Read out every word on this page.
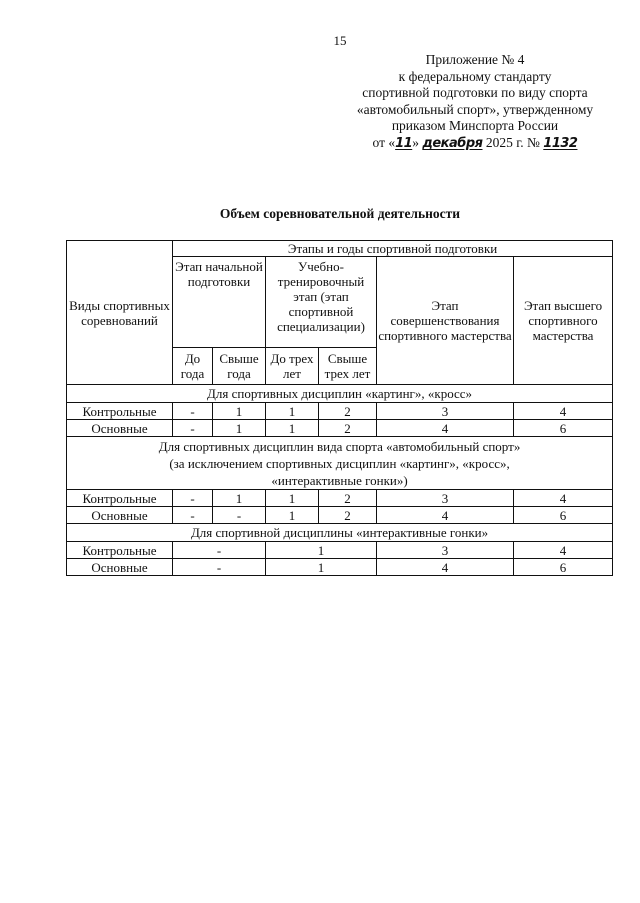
15
Приложение № 4
к федеральному стандарту
спортивной подготовки по виду спорта
«автомобильный спорт», утвержденному
приказом Минспорта России
от «11» декабря 2025 г. № 1132
Объем соревновательной деятельности
Виды спортивных соревнований	Этапы и годы спортивной подготовки					
	Этап начальной подготовки		Учебно-тренировочный этап (этап спортивной специализации)		Этап совершенствования спортивного мастерства	Этап высшего спортивного мастерства
	До года	Свыше года	До трех лет	Свыше трех лет		
Для спортивных дисциплин «картинг», «кросс»						
Контрольные	-	1	1	2	3	4
Основные	-	1	1	2	4	6
Для спортивных дисциплин вида спорта «автомобильный спорт»
(за исключением спортивных дисциплин «картинг», «кросс»,
«интерактивные гонки»)						
Контрольные	-	1	1	2	3	4
Основные	-	-	1	2	4	6
Для спортивной дисциплины «интерактивные гонки»						
Контрольные	-		1		3	4
Основные	-		1		4	6
